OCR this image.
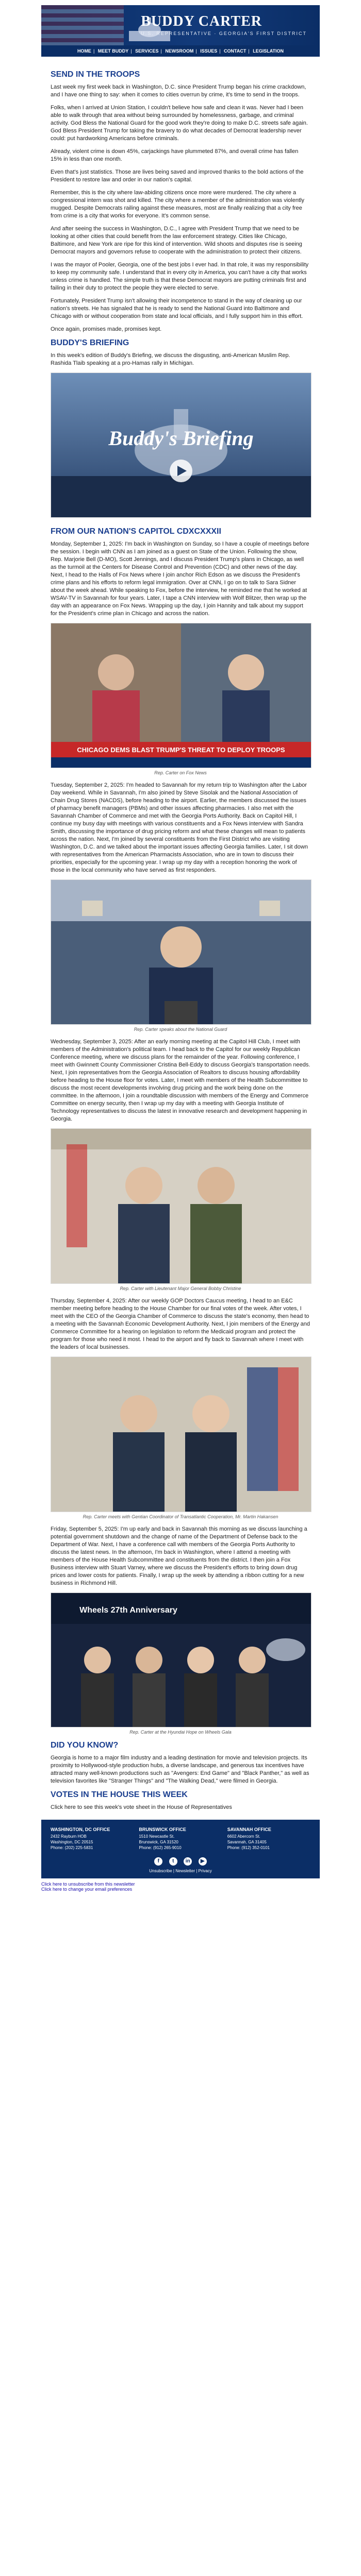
BUDDY CARTER
U.S. REPRESENTATIVE · GEORGIA'S FIRST DISTRICT
HOME | MEET BUDDY | SERVICES | NEWSROOM | ISSUES | CONTACT | LEGISLATION
SEND IN THE TROOPS

Last week my first week back in Washington, D.C. since President Trump began his crime crackdown, and I have one thing to say: when it comes to cities overrun by crime, it's time to send in the troops.

Folks, when I arrived at Union Station, I couldn't believe how safe and clean it was. Never had I been able to walk through that area without being surrounded by homelessness, garbage, and criminal activity. God Bless the National Guard for the good work they're doing to make D.C. streets safe again. God Bless President Trump for taking the bravery to do what decades of Democrat leadership never could: put hardworking Americans before criminals.

Already, violent crime is down 45%, carjackings have plummeted 87%, and overall crime has fallen 15% in less than one month.

Even that's just statistics. Those are lives being saved and improved thanks to the bold actions of the President to restore law and order in our nation's capital.

Remember, this is the city where law-abiding citizens once more were murdered. The city where a congressional intern was shot and killed. The city where a member of the administration was violently mugged. Despite Democrats railing against these measures, most are finally realizing that a city free from crime is a city that works for everyone. It's common sense.

And after seeing the success in Washington, D.C., I agree with President Trump that we need to be looking at other cities that could benefit from the law enforcement strategy. Cities like Chicago, Baltimore, and New York are ripe for this kind of intervention. Wild shoots and disputes rise is seeing Democrat mayors and governors refuse to cooperate with the administration to protect their citizens.

I was the mayor of Pooler, Georgia, one of the best jobs I ever had. In that role, it was my responsibility to keep my community safe. I understand that in every city in America, you can't have a city that works unless crime is handled. The simple truth is that these Democrat mayors are putting criminals first and failing in their duty to protect the people they were elected to serve.

Fortunately, President Trump isn't allowing their incompetence to stand in the way of cleaning up our nation's streets. He has signaled that he is ready to send the National Guard into Baltimore and Chicago with or without cooperation from state and local officials, and I fully support him in this effort.

Once again, promises made, promises kept.

BUDDY'S BRIEFING

In this week's edition of Buddy's Briefing, we discuss the disgusting, anti-American Muslim Rep. Rashida Tlaib speaking at a pro-Hamas rally in Michigan.

Buddy's Briefing
FROM OUR NATION'S CAPITOL CDXCXXXII

Monday, September 1, 2025: I'm back in Washington on Sunday, so I have a couple of meetings before the session. I begin with CNN as I am joined as a guest on State of the Union. Following the show, Rep. Marjorie Bell (D-MO), Scott Jennings, and I discuss President Trump's plans in Chicago, as well as the turmoil at the Centers for Disease Control and Prevention (CDC) and other news of the day. Next, I head to the Halls of Fox News where I join anchor Rich Edson as we discuss the President's crime plans and his efforts to reform legal immigration. Over at CNN, I go on to talk to Sara Sidner about the week ahead. While speaking to Fox, before the interview, he reminded me that he worked at WSAV-TV in Savannah for four years. Later, I tape a CNN interview with Wolf Blitzer, then wrap up the day with an appearance on Fox News. Wrapping up the day, I join Hannity and talk about my support for the President's crime plan in Chicago and across the nation.

CHICAGO DEMS BLAST TRUMP'S THREAT TO DEPLOY TROOPS
Rep. Carter on Fox News

Tuesday, September 2, 2025: I'm headed to Savannah for my return trip to Washington after the Labor Day weekend. While in Savannah, I'm also joined by Steve Sisolak and the National Association of Chain Drug Stores (NACDS), before heading to the airport. Earlier, the members discussed the issues of pharmacy benefit managers (PBMs) and other issues affecting pharmacies. I also met with the Savannah Chamber of Commerce and met with the Georgia Ports Authority. Back on Capitol Hill, I continue my busy day with meetings with various constituents and a Fox News interview with Sandra Smith, discussing the importance of drug pricing reform and what these changes will mean to patients across the nation. Next, I'm joined by several constituents from the First District who are visiting Washington, D.C. and we talked about the important issues affecting Georgia families. Later, I sit down with representatives from the American Pharmacists Association, who are in town to discuss their priorities, especially for the upcoming year. I wrap up my day with a reception honoring the work of those in the local community who have served as first responders.

Rep. Carter speaks about the National Guard

Wednesday, September 3, 2025: After an early morning meeting at the Capitol Hill Club, I meet with members of the Administration's political team. I head back to the Capitol for our weekly Republican Conference meeting, where we discuss plans for the remainder of the year. Following conference, I meet with Gwinnett County Commissioner Cristina Bell-Eddy to discuss Georgia's transportation needs. Next, I join representatives from the Georgia Association of Realtors to discuss housing affordability before heading to the House floor for votes. Later, I meet with members of the Health Subcommittee to discuss the most recent developments involving drug pricing and the work being done on the committee. In the afternoon, I join a roundtable discussion with members of the Energy and Commerce Committee on energy security, then I wrap up my day with a meeting with Georgia Institute of Technology representatives to discuss the latest in innovative research and development happening in Georgia.

Rep. Carter with Lieutenant Major General Bobby Christine

Thursday, September 4, 2025: After our weekly GOP Doctors Caucus meeting, I head to an E&C member meeting before heading to the House Chamber for our final votes of the week. After votes, I meet with the CEO of the Georgia Chamber of Commerce to discuss the state's economy, then head to a meeting with the Savannah Economic Development Authority. Next, I join members of the Energy and Commerce Committee for a hearing on legislation to reform the Medicaid program and protect the program for those who need it most. I head to the airport and fly back to Savannah where I meet with the leaders of local businesses.

Rep. Carter meets with Gentian Coordinator of Transatlantic Cooperation, Mr. Martin Hakansen

Friday, September 5, 2025: I'm up early and back in Savannah this morning as we discuss launching a potential government shutdown and the change of name of the Department of Defense back to the Department of War. Next, I have a conference call with members of the Georgia Ports Authority to discuss the latest news. In the afternoon, I'm back in Washington, where I attend a meeting with members of the House Health Subcommittee and constituents from the district. I then join a Fox Business interview with Stuart Varney, where we discuss the President's efforts to bring down drug prices and lower costs for patients. Finally, I wrap up the week by attending a ribbon cutting for a new business in Richmond Hill.

Wheels 27th Anniversary
Rep. Carter at the Hyundai Hope on Wheels Gala
DID YOU KNOW?

Georgia is home to a major film industry and a leading destination for movie and television projects. Its proximity to Hollywood-style production hubs, a diverse landscape, and generous tax incentives have attracted many well-known productions such as "Avengers: End Game" and "Black Panther," as well as television favorites like "Stranger Things" and "The Walking Dead," were filmed in Georgia.

VOTES IN THE HOUSE THIS WEEK

Click here to see this week's vote sheet in the House of Representatives

WASHINGTON, DC OFFICE
2432 Rayburn HOB
Washington, DC 20515
Phone: (202) 225-5831
BRUNSWICK OFFICE
1510 Newcastle St.
Brunswick, GA 31520
Phone: (912) 265-9010
SAVANNAH OFFICE
6602 Abercorn St.
Savannah, GA 31405
Phone: (912) 352-0101
f	t in ▶
Unsubscribe | Newsletter | Privacy
Click here to unsubscribe from this newsletter
Click here to change your email preferences
